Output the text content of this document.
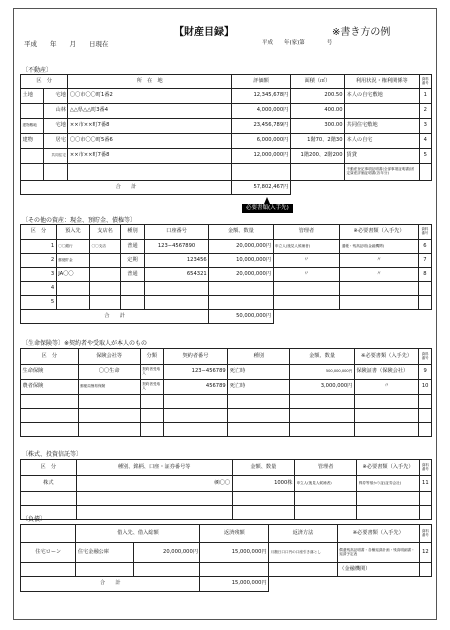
【財産目録】	※書き方の例
平成　　年　　月　　日現在	平成　　年(家)第　　　　号
〔不動産〕
区　分		所　在　地	評価額	面積（㎡）	利用状況・権利関係等	資料番号
土地	宅地	〇〇市〇〇町1番2	12,345,678円	200.50	本人の自宅敷地	1
	山林	△△県△△町3番4	4,000,000円	400.00		2
建物敷地	宅地	××市××町7番8	23,456,789円	300.00	共同住宅敷地	3
建物	居宅	〇〇市〇〇町5番6	6,000,000円	1階70、2階30	本人の自宅	4
	共同住宅	××市××町7番8	12,000,000円	1階200、2階200	賃貸	5
					不動産登記事項証明書(全部事項証明書)固定資産評価証明書(各年分)	
合　　計			57,802,467円			
必要書類(入手先)
〔その他の資産：現金、預貯金、債権等〕
区　分	預入先	支店名	種別	口座番号	金額、数量	管理者	※必要書類（入手先）	資料番号
1	〇〇銀行	〇〇支店	普通	123−4567890	20,000,000円	申立人(後見人候補者)	通帳・残高証明(金融機関)	6
2	郵便貯金		定期	123456	10,000,000円	〃	〃	7
3	JA〇〇		普通	654321	20,000,000円	〃	〃	8
4								
5								
合　　計					50,000,000円			
〔生命保険等〕※契約者や受取人が本人のもの
区　分	保険会社等	分類	契約者番号	種別	金額、数量	※必要書類（入手先）	資料番号
生命保険	〇〇生命	契約者受取人	123−456789	死亡時	500,000,000円	保険証書（保険会社）	9
農者保険	郵便局簡易保険	契約者受取人	456789	死亡時	3,000,000円	〃	10

〔株式、投資信託等〕
区　分	種別、銘柄、口座・証券番号等	金額、数量	管理者	※必要書類（入手先）	資料番号
株式	㈱〇〇	1000株	申立人(後見人候補者)	株券等預かり証(証券会社)	11

〔負債〕
	借入先、借入総額		返済残額	返済方法	※必要書類（入手先）	資料番号
住宅ローン	住宅金融公庫	20,000,000円	15,000,000円	月額日口口円の口座引き落とし	償還残高証明書・各種返済計画・残高明細書・返済予定表	12
					（金融機関）	
合　　計			15,000,000円			
